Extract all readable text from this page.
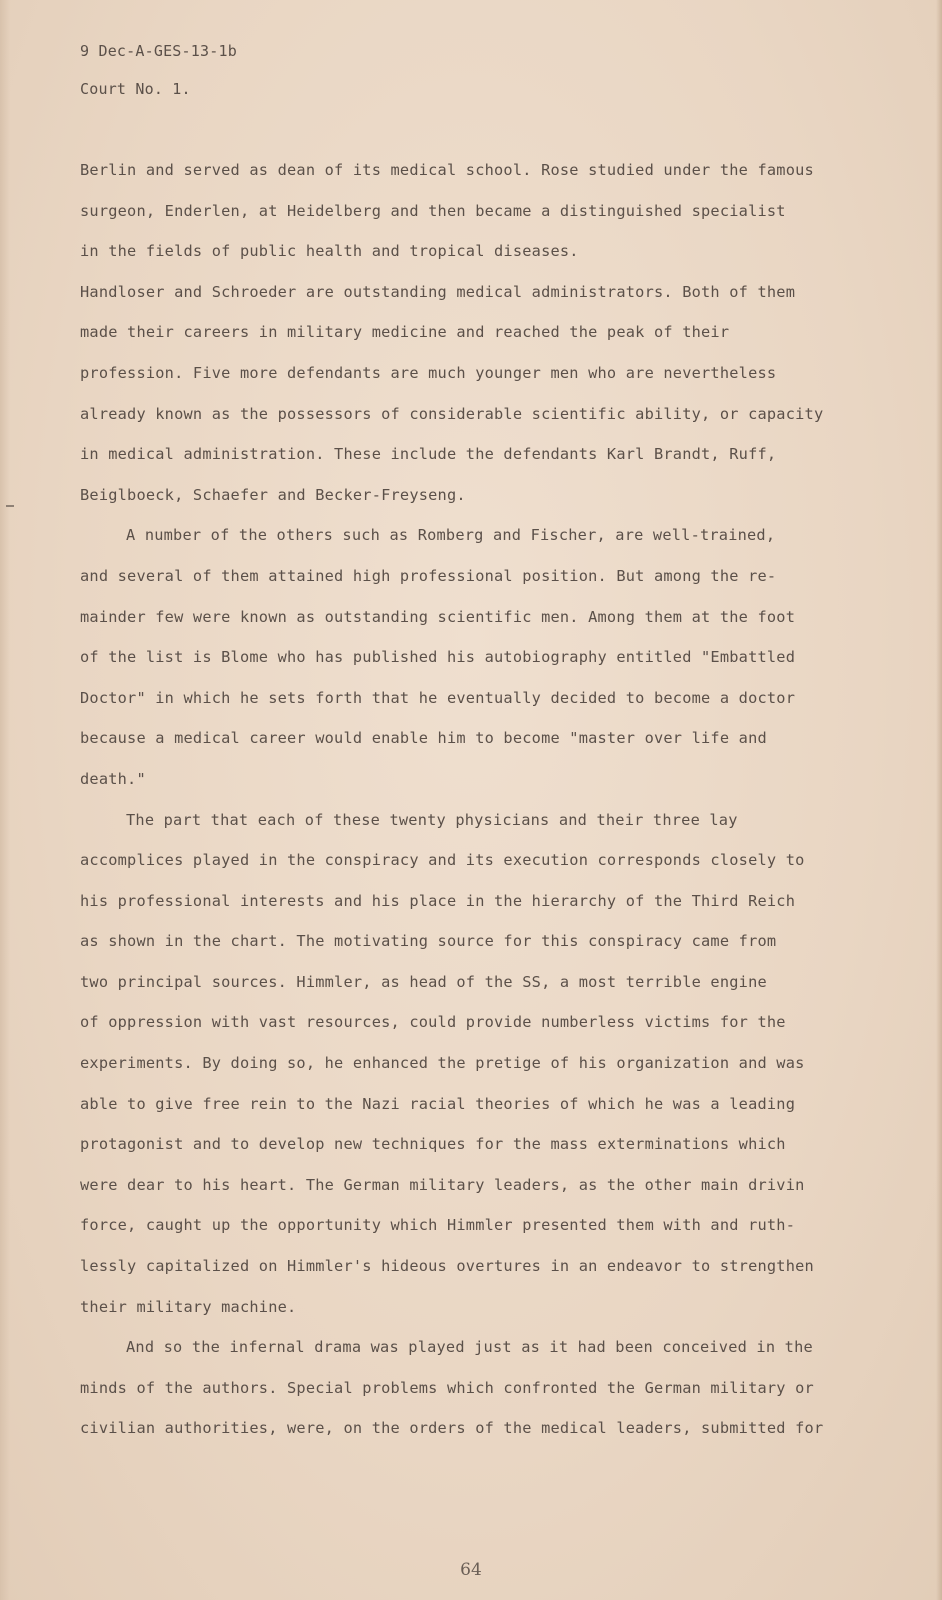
9 Dec-A-GES-13-1b
Court No. 1.
Berlin and served as dean of its medical school. Rose studied under the famous
surgeon, Enderlen, at Heidelberg and then became a distinguished specialist
in the fields of public health and tropical diseases.
Handloser and Schroeder are outstanding medical administrators. Both of them
made their careers in military medicine and reached the peak of their
profession. Five more defendants are much younger men who are nevertheless
already known as the possessors of considerable scientific ability, or capacity
in medical administration. These include the defendants Karl Brandt, Ruff,
Beiglboeck, Schaefer and Becker-Freyseng.
A number of the others such as Romberg and Fischer, are well-trained,
and several of them attained high professional position. But among the re-
mainder few were known as outstanding scientific men. Among them at the foot
of the list is Blome who has published his autobiography entitled "Embattled
Doctor" in which he sets forth that he eventually decided to become a doctor
because a medical career would enable him to become "master over life and
death."
The part that each of these twenty physicians and their three lay
accomplices played in the conspiracy and its execution corresponds closely to
his professional interests and his place in the hierarchy of the Third Reich
as shown in the chart. The motivating source for this conspiracy came from
two principal sources. Himmler, as head of the SS, a most terrible engine
of oppression with vast resources, could provide numberless victims for the
experiments. By doing so, he enhanced the pretige of his organization and was
able to give free rein to the Nazi racial theories of which he was a leading
protagonist and to develop new techniques for the mass exterminations which
were dear to his heart. The German military leaders, as the other main drivin
force, caught up the opportunity which Himmler presented them with and ruth-
lessly capitalized on Himmler's hideous overtures in an endeavor to strengthen
their military machine.
And so the infernal drama was played just as it had been conceived in the
minds of the authors. Special problems which confronted the German military or
civilian authorities, were, on the orders of the medical leaders, submitted for
64
